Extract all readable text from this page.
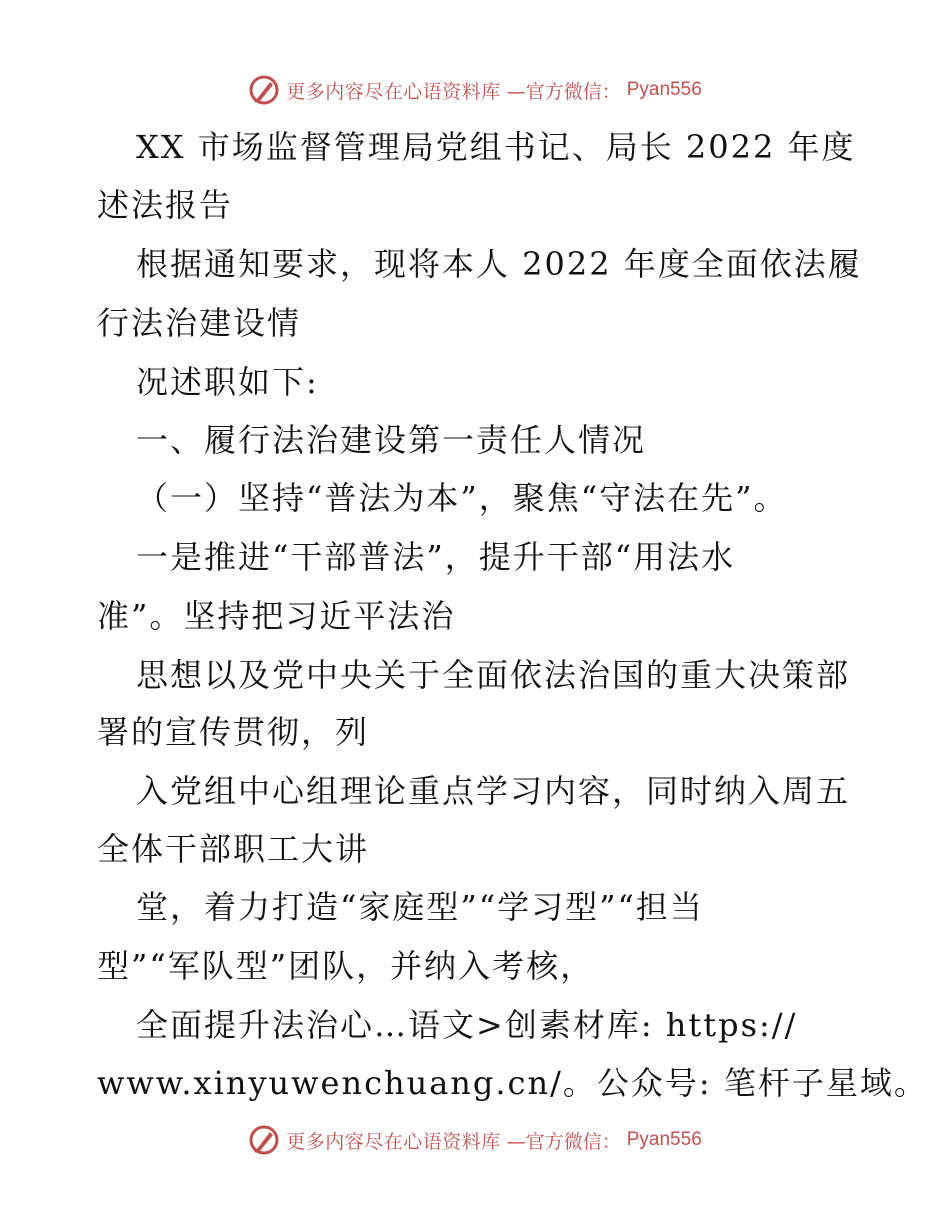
更多内容尽在心语资料库 —官方微信： Pyan556
XX 市场监督管理局党组书记、局长 2022 年度
述法报告
根据通知要求，现将本人 2022 年度全面依法履
行法治建设情
况述职如下:
一、履行法治建设第一责任人情况
（一）坚持“普法为本”，聚焦“守法在先”。
一是推进“干部普法”，提升干部“用法水
准”。坚持把习近平法治
思想以及党中央关于全面依法治国的重大决策部
署的宣传贯彻，列
入党组中心组理论重点学习内容，同时纳入周五
全体干部职工大讲
堂，着力打造“家庭型”“学习型”“担当
型”“军队型”团队，并纳入考核，
全面提升法治心…语文>创素材库: https://
www.xinyuwenchuang.cn/。公众号: 笔杆子星域。
更多内容尽在心语资料库 —官方微信： Pyan556
